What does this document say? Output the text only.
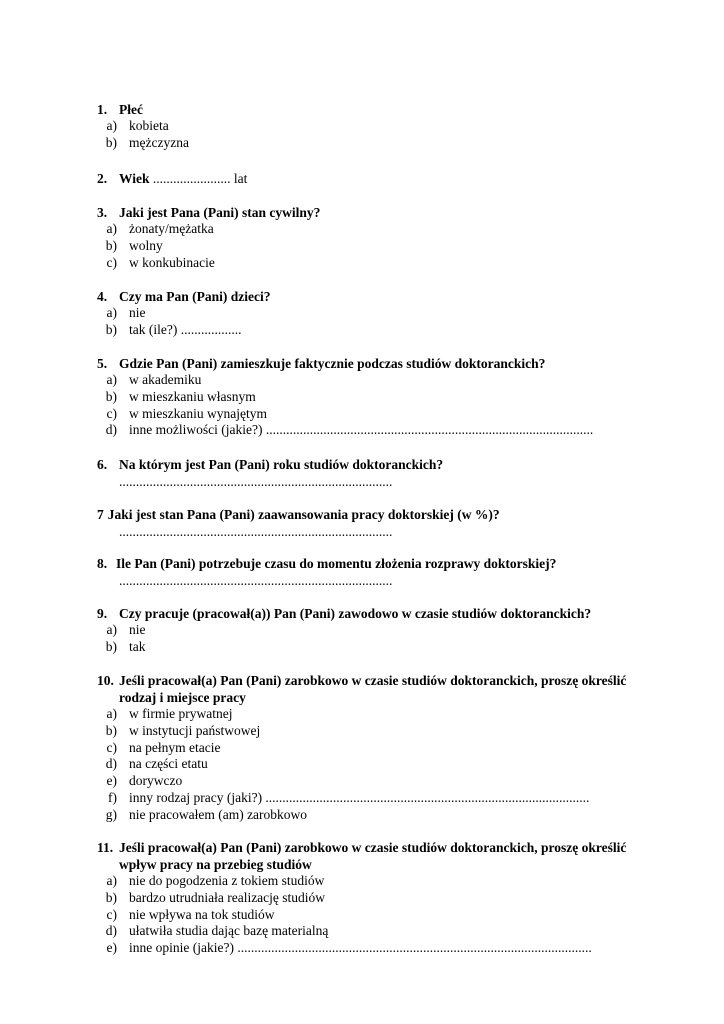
1. Płeć
a) kobieta
b) mężczyzna
2. Wiek ....................... lat
3. Jaki jest Pana (Pani) stan cywilny?
a) żonaty/mężatka
b) wolny
c) w konkubinacie
4. Czy ma Pan (Pani) dzieci?
a) nie
b) tak (ile?) ..................
5. Gdzie Pan (Pani) zamieszkuje faktycznie podczas studiów doktoranckich?
a) w akademiku
b) w mieszkaniu własnym
c) w mieszkaniu wynajętym
d) inne możliwości (jakie?) .................................................................................................
6. Na którym jest Pan (Pani) roku studiów doktoranckich?
.................................................................................
7 Jaki jest stan Pana (Pani) zaawansowania pracy doktorskiej (w %)?
.................................................................................
8. Ile Pan (Pani) potrzebuje czasu do momentu złożenia rozprawy doktorskiej?
.................................................................................
9. Czy pracuje (pracował(a)) Pan (Pani) zawodowo w czasie studiów doktoranckich?
a) nie
b) tak
10. Jeśli pracował(a) Pan (Pani) zarobkowo w czasie studiów doktoranckich, proszę określić rodzaj i miejsce pracy
a) w firmie prywatnej
b) w instytucji państwowej
c) na pełnym etacie
d) na części etatu
e) dorywczo
f) inny rodzaj pracy (jaki?) ................................................................................................
g) nie pracowałem (am) zarobkowo
11. Jeśli pracował(a) Pan (Pani) zarobkowo w czasie studiów doktoranckich, proszę określić wpływ pracy na przebieg studiów
a) nie do pogodzenia z tokiem studiów
b) bardzo utrudniała realizację studiów
c) nie wpływa na tok studiów
d) ułatwiła studia dając bazę materialną
e) inne opinie (jakie?) .........................................................................................................
